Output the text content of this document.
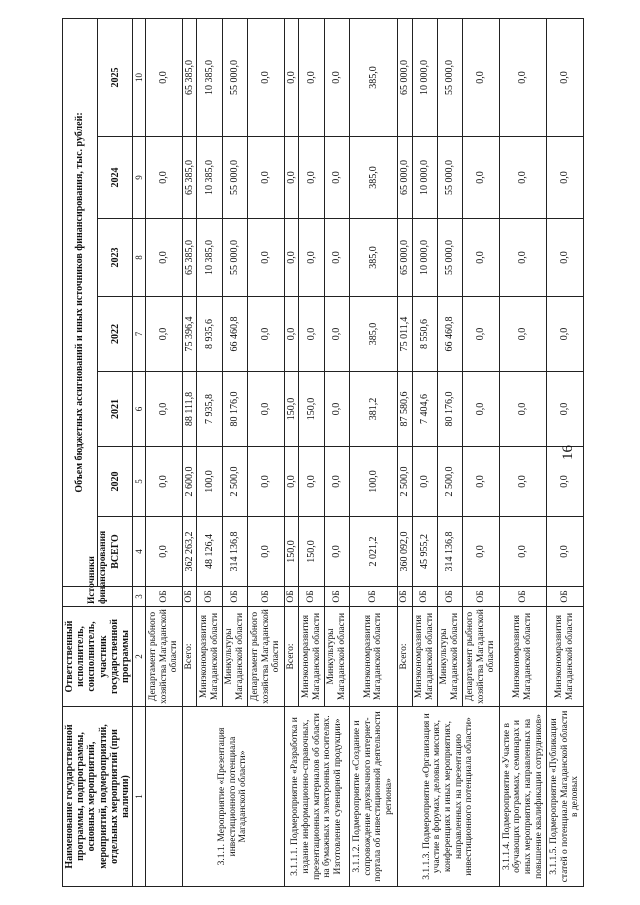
Наименование государственной программы, подпрограммы, основных мероприятий, мероприятий, подмероприятий, отдельных мероприятий (при наличии)	Ответственный исполнитель, соисполнитель, участник государственной программы	Источники финансирования	Объем бюджетных ассигнований и иных источников финансирования, тыс. рублей:						
			ВСЕГО	2020	2021	2022	2023	2024	2025
1	2	3	4	5	6	7	8	9	10
	Департамент рыбного хозяйства Магаданской области	ОБ	0,0	0,0	0,0	0,0	0,0	0,0	0,0
3.1.1. Мероприятие «Презентация инвестиционного потенциала Магаданской области»	Всего:	ОБ	362 263,2	2 600,0	88 111,8	75 396,4	65 385,0	65 385,0	65 385,0
	Минэкономразвития Магаданской области	ОБ	48 126,4	100,0	7 935,8	8 935,6	10 385,0	10 385,0	10 385,0
	Минкультуры Магаданской области	ОБ	314 136,8	2 500,0	80 176,0	66 460,8	55 000,0	55 000,0	55 000,0
	Департамент рыбного хозяйства Магаданской области	ОБ	0,0	0,0	0,0	0,0	0,0	0,0	0,0
3.1.1.1. Подмероприятие «Разработка и издание информационно-справочных, презентационных материалов об области на бумажных и электронных носителях. Изготовление сувенирной продукции»	Всего:	ОБ	150,0	0,0	150,0	0,0	0,0	0,0	0,0
	Минэкономразвития Магаданской области	ОБ	150,0	0,0	150,0	0,0	0,0	0,0	0,0
	Минкультуры Магаданской области	ОБ	0,0	0,0	0,0	0,0	0,0	0,0	0,0
3.1.1.2. Подмероприятие «Создание и сопровождение двуязычного интернет-портала об инвестиционной деятельности региона»	Минэкономразвития Магаданской области	ОБ	2 021,2	100,0	381,2	385,0	385,0	385,0	385,0
3.1.1.3. Подмероприятие «Организация и участие в форумах, деловых миссиях, конференциях и иных мероприятиях, направленных на презентацию инвестиционного потенциала области»	Всего:	ОБ	360 092,0	2 500,0	87 580,6	75 011,4	65 000,0	65 000,0	65 000,0
	Минэкономразвития Магаданской области	ОБ	45 955,2	0,0	7 404,6	8 550,6	10 000,0	10 000,0	10 000,0
	Минкультуры Магаданской области	ОБ	314 136,8	2 500,0	80 176,0	66 460,8	55 000,0	55 000,0	55 000,0
	Департамент рыбного хозяйства Магаданской области	ОБ	0,0	0,0	0,0	0,0	0,0	0,0	0,0
3.1.1.4. Подмероприятие «Участие в обучающих программах, семинарах и иных мероприятиях, направленных на повышение квалификации сотрудников»	Минэкономразвития Магаданской области	ОБ	0,0	0,0	0,0	0,0	0,0	0,0	0,0
3.1.1.5. Подмероприятие «Публикации статей о потенциале Магаданской области в деловых	Минэкономразвития Магаданской области	ОБ	0,0	0,0	0,0	0,0	0,0	0,0	0,0
16
